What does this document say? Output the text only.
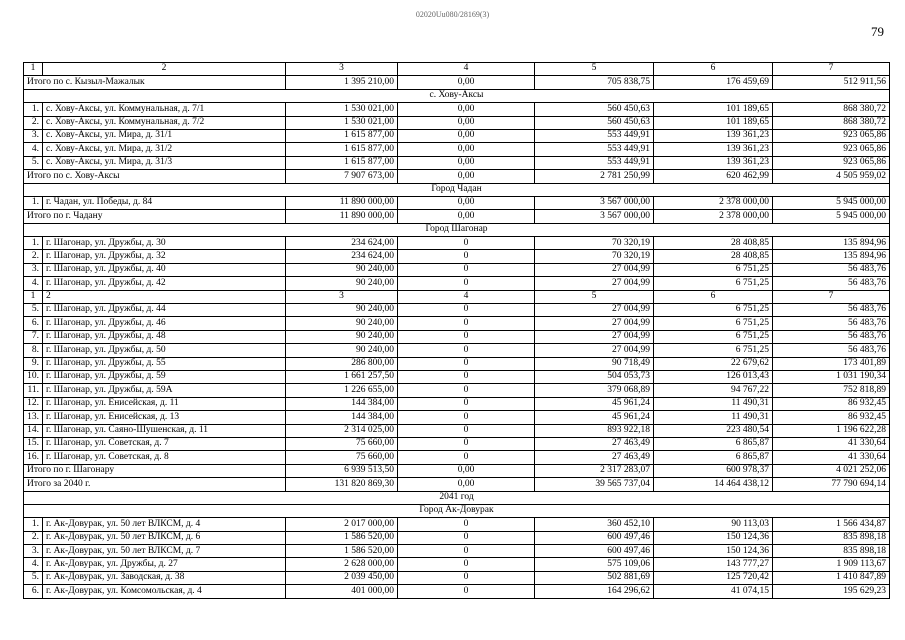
02020Uu080/28169(3)
79
1	2	3	4	5	6	7
Итого по с. Кызыл-Мажалык		1 395 210,00	0,00	705 838,75	176 459,69	512 911,56
с. Хову-Аксы						
1.	с. Хову-Аксы, ул. Коммунальная, д. 7/1	1 530 021,00	0,00	560 450,63	101 189,65	868 380,72
2.	с. Хову-Аксы, ул. Коммунальная, д. 7/2	1 530 021,00	0,00	560 450,63	101 189,65	868 380,72
3.	с. Хову-Аксы, ул. Мира, д. 31/1	1 615 877,00	0,00	553 449,91	139 361,23	923 065,86
4.	с. Хову-Аксы, ул. Мира, д. 31/2	1 615 877,00	0,00	553 449,91	139 361,23	923 065,86
5.	с. Хову-Аксы, ул. Мира, д. 31/3	1 615 877,00	0,00	553 449,91	139 361,23	923 065,86
Итого по с. Хову-Аксы		7 907 673,00	0,00	2 781 250,99	620 462,99	4 505 959,02
Город Чадан						
1.	г. Чадан, ул. Победы, д. 84	11 890 000,00	0,00	3 567 000,00	2 378 000,00	5 945 000,00
Итого по г. Чадану		11 890 000,00	0,00	3 567 000,00	2 378 000,00	5 945 000,00
Город Шагонар						
1.	г. Шагонар, ул. Дружбы, д. 30	234 624,00	0	70 320,19	28 408,85	135 894,96
2.	г. Шагонар, ул. Дружбы, д. 32	234 624,00	0	70 320,19	28 408,85	135 894,96
3.	г. Шагонар, ул. Дружбы, д. 40	90 240,00	0	27 004,99	6 751,25	56 483,76
4.	г. Шагонар, ул. Дружбы, д. 42	90 240,00	0	27 004,99	6 751,25	56 483,76
1	2	3	4	5	6	7
5.	г. Шагонар, ул. Дружбы, д. 44	90 240,00	0	27 004,99	6 751,25	56 483,76
6.	г. Шагонар, ул. Дружбы, д. 46	90 240,00	0	27 004,99	6 751,25	56 483,76
7.	г. Шагонар, ул. Дружбы, д. 48	90 240,00	0	27 004,99	6 751,25	56 483,76
8.	г. Шагонар, ул. Дружбы, д. 50	90 240,00	0	27 004,99	6 751,25	56 483,76
9.	г. Шагонар, ул. Дружбы, д. 55	286 800,00	0	90 718,49	22 679,62	173 401,89
10.	г. Шагонар, ул. Дружбы, д. 59	1 661 257,50	0	504 053,73	126 013,43	1 031 190,34
11.	г. Шагонар, ул. Дружбы, д. 59А	1 226 655,00	0	379 068,89	94 767,22	752 818,89
12.	г. Шагонар, ул. Енисейская, д. 11	144 384,00	0	45 961,24	11 490,31	86 932,45
13.	г. Шагонар, ул. Енисейская, д. 13	144 384,00	0	45 961,24	11 490,31	86 932,45
14.	г. Шагонар, ул. Саяно-Шушенская, д. 11	2 314 025,00	0	893 922,18	223 480,54	1 196 622,28
15.	г. Шагонар, ул. Советская, д. 7	75 660,00	0	27 463,49	6 865,87	41 330,64
16.	г. Шагонар, ул. Советская, д. 8	75 660,00	0	27 463,49	6 865,87	41 330,64
Итого по г. Шагонару		6 939 513,50	0,00	2 317 283,07	600 978,37	4 021 252,06
Итого за 2040 г.		131 820 869,30	0,00	39 565 737,04	14 464 438,12	77 790 694,14
2041 год						
Город Ак-Довурак						
1.	г. Ак-Довурак, ул. 50 лет ВЛКСМ, д. 4	2 017 000,00	0	360 452,10	90 113,03	1 566 434,87
2.	г. Ак-Довурак, ул. 50 лет ВЛКСМ, д. 6	1 586 520,00	0	600 497,46	150 124,36	835 898,18
3.	г. Ак-Довурак, ул. 50 лет ВЛКСМ, д. 7	1 586 520,00	0	600 497,46	150 124,36	835 898,18
4.	г. Ак-Довурак, ул. Дружбы, д. 27	2 628 000,00	0	575 109,06	143 777,27	1 909 113,67
5.	г. Ак-Довурак, ул. Заводская, д. 38	2 039 450,00	0	502 881,69	125 720,42	1 410 847,89
6.	г. Ак-Довурак, ул. Комсомольская, д. 4	401 000,00	0	164 296,62	41 074,15	195 629,23
